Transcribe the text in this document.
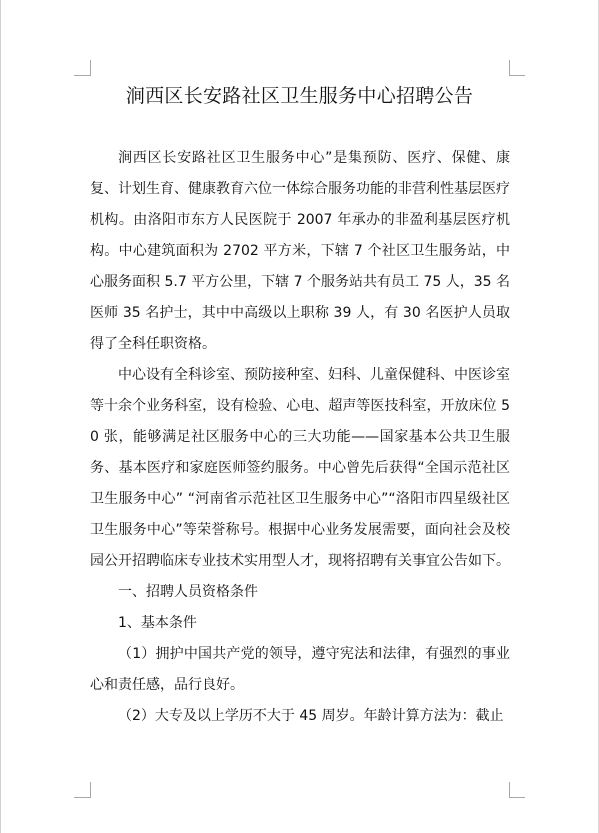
涧西区长安路社区卫生服务中心招聘公告

涧西区长安路社区卫生服务中心”是集预防、医疗、保健、康复、计划生育、健康教育六位一体综合服务功能的非营利性基层医疗机构。由洛阳市东方人民医院于 2007 年承办的非盈利基层医疗机构。中心建筑面积为 2702 平方米，下辖 7 个社区卫生服务站，中心服务面积 5.7 平方公里，下辖 7 个服务站共有员工 75 人，35 名医师 35 名护士，其中中高级以上职称 39 人，有 30 名医护人员取得了全科任职资格。

中心设有全科诊室、预防接种室、妇科、儿童保健科、中医诊室等十余个业务科室，设有检验、心电、超声等医技科室，开放床位 50 张，能够满足社区服务中心的三大功能——国家基本公共卫生服务、基本医疗和家庭医师签约服务。中心曾先后获得“全国示范社区卫生服务中心” “河南省示范社区卫生服务中心”“洛阳市四星级社区卫生服务中心”等荣誉称号。根据中心业务发展需要，面向社会及校园公开招聘临床专业技术实用型人才，现将招聘有关事宜公告如下。

一、招聘人员资格条件

1、基本条件

（1）拥护中国共产党的领导，遵守宪法和法律，有强烈的事业心和责任感，品行良好。

（2）大专及以上学历不大于 45 周岁。年龄计算方法为：截止
